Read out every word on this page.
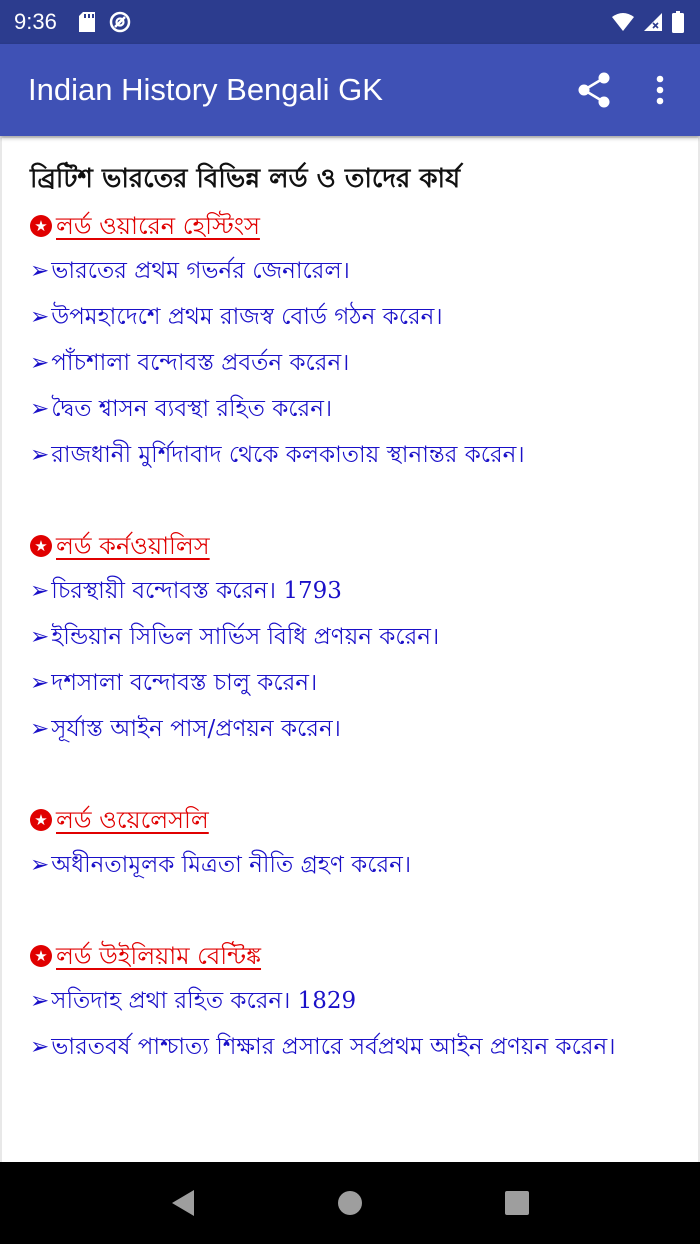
9:36
Indian History Bengali GK
ব্রিটিশ ভারতের বিভিন্ন লর্ড ও তাদের কার্য
★ লর্ড ওয়ারেন হেস্টিংস
➢ ভারতের প্রথম গভর্নর জেনারেল।
➢ উপমহাদেশে প্রথম রাজস্ব বোর্ড গঠন করেন।
➢ পাঁচশালা বন্দোবস্ত প্রবর্তন করেন।
➢ দ্বৈত শ্বাসন ব্যবস্থা রহিত করেন।
➢ রাজধানী মুর্শিদাবাদ থেকে কলকাতায় স্থানান্তর করেন।
★ লর্ড কর্নওয়ালিস
➢ চিরস্থায়ী বন্দোবস্ত করেন। 1793
➢ ইন্ডিয়ান সিভিল সার্ভিস বিধি প্রণয়ন করেন।
➢ দশসালা বন্দোবস্ত চালু করেন।
➢ সূর্যাস্ত আইন পাস/প্রণয়ন করেন।
★ লর্ড ওয়েলেসলি
➢ অধীনতামূলক মিত্রতা নীতি গ্রহণ করেন।
★ লর্ড উইলিয়াম বেন্টিঙ্ক
➢ সতিদাহ প্রথা রহিত করেন। 1829
➢ ভারতবর্ষ পাশ্চাত্য শিক্ষার প্রসারে সর্বপ্রথম আইন প্রণয়ন করেন।
